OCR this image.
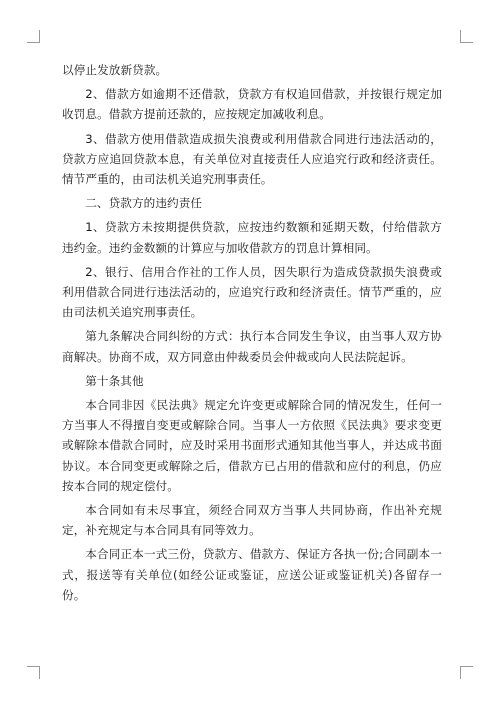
以停止发放新贷款。

2、借款方如逾期不还借款，贷款方有权追回借款，并按银行规定加收罚息。借款方提前还款的，应按规定加减收利息。

3、借款方使用借款造成损失浪费或利用借款合同进行违法活动的，贷款方应追回贷款本息，有关单位对直接责任人应追究行政和经济责任。情节严重的，由司法机关追究刑事责任。

二、贷款方的违约责任

1、贷款方未按期提供贷款，应按违约数额和延期天数，付给借款方违约金。违约金数额的计算应与加收借款方的罚息计算相同。

2、银行、信用合作社的工作人员，因失职行为造成贷款损失浪费或利用借款合同进行违法活动的，应追究行政和经济责任。情节严重的，应由司法机关追究刑事责任。

第九条解决合同纠纷的方式：执行本合同发生争议，由当事人双方协商解决。协商不成，双方同意由仲裁委员会仲裁或向人民法院起诉。

第十条其他

本合同非因《民法典》规定允许变更或解除合同的情况发生，任何一方当事人不得擅自变更或解除合同。当事人一方依照《民法典》要求变更或解除本借款合同时，应及时采用书面形式通知其他当事人，并达成书面协议。本合同变更或解除之后，借款方已占用的借款和应付的利息，仍应按本合同的规定偿付。

本合同如有未尽事宜，须经合同双方当事人共同协商，作出补充规定，补充规定与本合同具有同等效力。

本合同正本一式三份，贷款方、借款方、保证方各执一份;合同副本一式，报送等有关单位(如经公证或鉴证，应送公证或鉴证机关)各留存一份。
